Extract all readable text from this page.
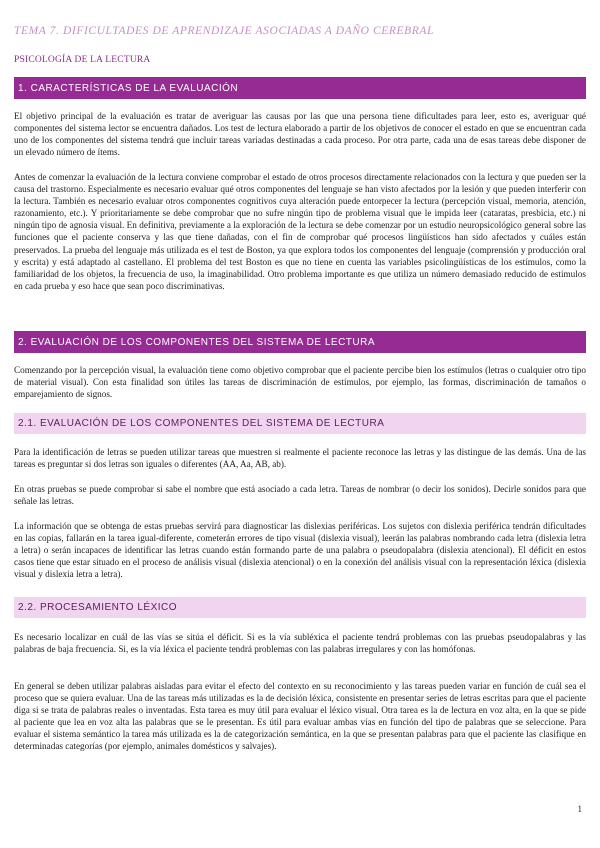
TEMA 7. DIFICULTADES DE APRENDIZAJE ASOCIADAS A DAÑO CEREBRAL
PSICOLOGÍA DE LA LECTURA
1. CARACTERÍSTICAS DE LA EVALUACIÓN

El objetivo principal de la evaluación es tratar de averiguar las causas por las que una persona tiene dificultades para leer, esto es, averiguar qué componentes del sistema lector se encuentra dañados. Los test de lectura elaborado a partir de los objetivos de conocer el estado en que se encuentran cada uno de los componentes del sistema tendrá que incluir tareas variadas destinadas a cada proceso. Por otra parte, cada una de esas tareas debe disponer de un elevado número de ítems.

Antes de comenzar la evaluación de la lectura conviene comprobar el estado de otros procesos directamente relacionados con la lectura y que pueden ser la causa del trastorno. Especialmente es necesario evaluar qué otros componentes del lenguaje se han visto afectados por la lesión y que pueden interferir con la lectura. También es necesario evaluar otros componentes cognitivos cuya alteración puede entorpecer la lectura (percepción visual, memoria, atención, razonamiento, etc.). Y prioritariamente se debe comprobar que no sufre ningún tipo de problema visual que le impida leer (cataratas, presbicia, etc.) ni ningún tipo de agnosia visual. En definitiva, previamente a la exploración de la lectura se debe comenzar por un estudio neuropsicológico general sobre las funciones que el paciente conserva y las que tiene dañadas, con el fin de comprobar qué procesos lingüísticos han sido afectados y cuáles están preservados. La prueba del lenguaje más utilizada es el test de Boston, ya que explora todos los componentes del lenguaje (comprensión y producción oral y escrita) y está adaptado al castellano. El problema del test Boston es que no tiene en cuenta las variables psicolingüísticas de los estímulos, como la familiaridad de los objetos, la frecuencia de uso, la imaginabilidad. Otro problema importante es que utiliza un número demasiado reducido de estímulos en cada prueba y eso hace que sean poco discriminativas.

2. EVALUACIÓN DE LOS COMPONENTES DEL SISTEMA DE LECTURA

Comenzando por la percepción visual, la evaluación tiene como objetivo comprobar que el paciente percibe bien los estímulos (letras o cualquier otro tipo de material visual). Con esta finalidad son útiles las tareas de discriminación de estímulos, por ejemplo, las formas, discriminación de tamaños o emparejamiento de signos.

2.1. EVALUACIÓN DE LOS COMPONENTES DEL SISTEMA DE LECTURA

Para la identificación de letras se pueden utilizar tareas que muestren si realmente el paciente reconoce las letras y las distingue de las demás. Una de las tareas es preguntar si dos letras son iguales o diferentes (AA, Aa, AB, ab).

En otras pruebas se puede comprobar si sabe el nombre que está asociado a cada letra. Tareas de nombrar (o decir los sonidos). Decirle sonidos para que señale las letras.

La información que se obtenga de estas pruebas servirá para diagnosticar las dislexias periféricas. Los sujetos con dislexia periférica tendrán dificultades en las copias, fallarán en la tarea igual-diferente, cometerán errores de tipo visual (dislexia visual), leerán las palabras nombrando cada letra (dislexia letra a letra) o serán incapaces de identificar las letras cuando están formando parte de una palabra o pseudopalabra (dislexia atencional). El déficit en estos casos tiene que estar situado en el proceso de análisis visual (dislexia atencional) o en la conexión del análisis visual con la representación léxica (dislexia visual y dislexia letra a letra).

2.2. PROCESAMIENTO LÉXICO

Es necesario localizar en cuál de las vías se sitúa el déficit. Si es la vía subléxica el paciente tendrá problemas con las pruebas pseudopalabras y las palabras de baja frecuencia. Si, es la vía léxica el paciente tendrá problemas con las palabras irregulares y con las homófonas.

En general se deben utilizar palabras aisladas para evitar el efecto del contexto en su reconocimiento y las tareas pueden variar en función de cuál sea el proceso que se quiera evaluar. Una de las tareas más utilizadas es la de decisión léxica, consistente en presentar series de letras escritas para que el paciente diga si se trata de palabras reales o inventadas. Esta tarea es muy útil para evaluar el léxico visual. Otra tarea es la de lectura en voz alta, en la que se pide al paciente que lea en voz alta las palabras que se le presentan. Es útil para evaluar ambas vías en función del tipo de palabras que se seleccione. Para evaluar el sistema semántico la tarea más utilizada es la de categorización semántica, en la que se presentan palabras para que el paciente las clasifique en determinadas categorías (por ejemplo, animales domésticos y salvajes).

1
